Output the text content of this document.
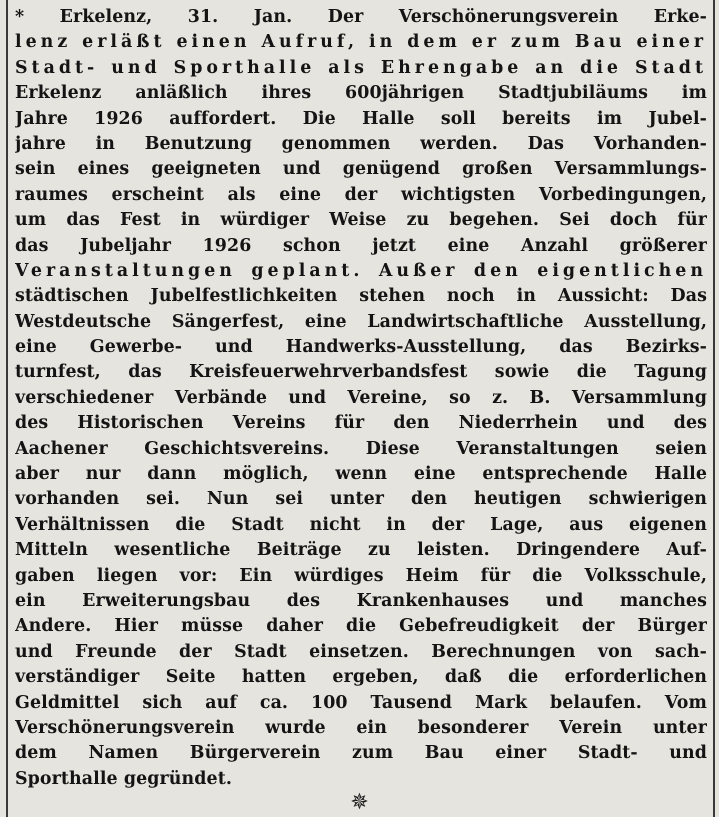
* Erkelenz, 31. Jan. Der Verschönerungsverein Erke-
lenz erläßt einen Aufruf, in dem er zum Bau einer
Stadt- und Sporthalle als Ehrengabe an die Stadt
Erkelenz anläßlich ihres 600jährigen Stadtjubiläums im
Jahre 1926 auffordert. Die Halle soll bereits im Jubel-
jahre in Benutzung genommen werden. Das Vorhanden-
sein eines geeigneten und genügend großen Versammlungs-
raumes erscheint als eine der wichtigsten Vorbedingungen,
um das Fest in würdiger Weise zu begehen. Sei doch für
das Jubeljahr 1926 schon jetzt eine Anzahl größerer
Veranstaltungen geplant. Außer den eigentlichen
städtischen Jubelfestlichkeiten stehen noch in Aussicht: Das
Westdeutsche Sängerfest, eine Landwirtschaftliche Ausstellung,
eine Gewerbe- und Handwerks-Ausstellung, das Bezirks-
turnfest, das Kreisfeuerwehrverbandsfest sowie die Tagung
verschiedener Verbände und Vereine, so z. B. Versammlung
des Historischen Vereins für den Niederrhein und des
Aachener Geschichtsvereins. Diese Veranstaltungen seien
aber nur dann möglich, wenn eine entsprechende Halle
vorhanden sei. Nun sei unter den heutigen schwierigen
Verhältnissen die Stadt nicht in der Lage, aus eigenen
Mitteln wesentliche Beiträge zu leisten. Dringendere Auf-
gaben liegen vor: Ein würdiges Heim für die Volksschule,
ein Erweiterungsbau des Krankenhauses und manches
Andere. Hier müsse daher die Gebefreudigkeit der Bürger
und Freunde der Stadt einsetzen. Berechnungen von sach-
verständiger Seite hatten ergeben, daß die erforderlichen
Geldmittel sich auf ca. 100 Tausend Mark belaufen. Vom
Verschönerungsverein wurde ein besonderer Verein unter
dem Namen Bürgerverein zum Bau einer Stadt- und
Sporthalle gegründet.
✵
